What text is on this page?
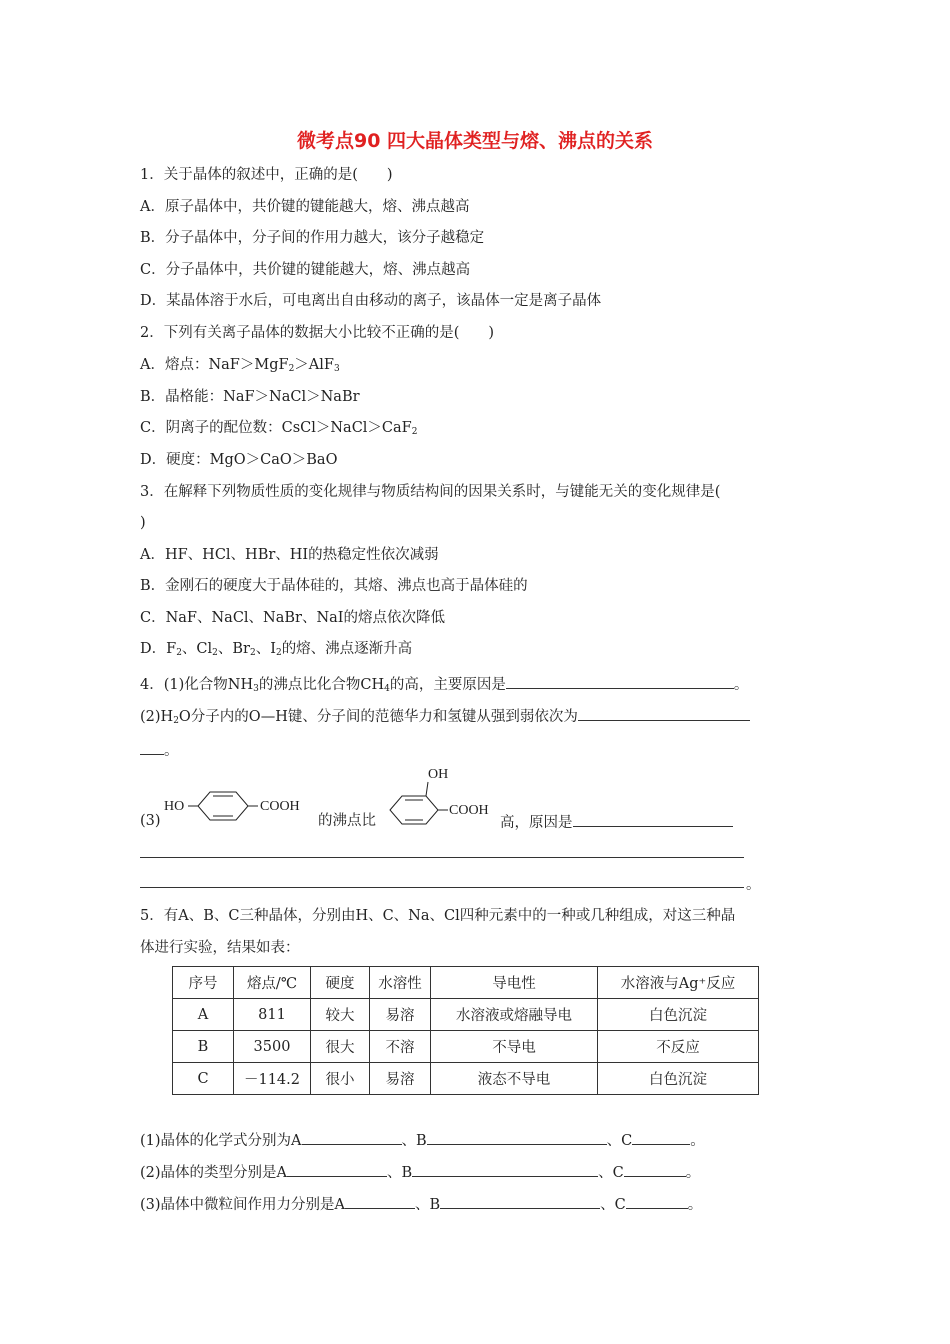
微考点90 四大晶体类型与熔、沸点的关系
1．关于晶体的叙述中，正确的是(　　)
A．原子晶体中，共价键的键能越大，熔、沸点越高
B．分子晶体中，分子间的作用力越大，该分子越稳定
C．分子晶体中，共价键的键能越大，熔、沸点越高
D．某晶体溶于水后，可电离出自由移动的离子，该晶体一定是离子晶体
2．下列有关离子晶体的数据大小比较不正确的是(　　)
A．熔点：NaF＞MgF$_2$＞AlF$_3$
B．晶格能：NaF＞NaCl＞NaBr
C．阴离子的配位数：CsCl＞NaCl＞CaF$_2$
D．硬度：MgO＞CaO＞BaO
3．在解释下列物质性质的变化规律与物质结构间的因果关系时，与键能无关的变化规律是(
)
A．HF、HCl、HBr、HI的热稳定性依次减弱
B．金刚石的硬度大于晶体硅的，其熔、沸点也高于晶体硅的
C．NaF、NaCl、NaBr、NaI的熔点依次降低
D．$F_2$、$Cl_2$、$Br_2$、$I_2$的熔、沸点逐渐升高
4．(1)化合物$NH_3$的沸点比化合物$CH_4$的高，主要原因是	。
$(2)H_2O$分子内的O—H键、分子间的范德华力和氢键从强到弱依次为
。
(3)
HO	COOH
的沸点比
OH
COOH
高，原因是
。
5．有A、B、C三种晶体，分别由H、C、Na、Cl四种元素中的一种或几种组成，对这三种晶
体进行实验，结果如表：
序号	熔点/℃	硬度	水溶性	导电性	水溶液与Ag⁺反应
A	811	较大	易溶	水溶液或熔融导电	白色沉淀
B	3500	很大	不溶	不导电	不反应
C	－114.2	很小	易溶	液态不导电	白色沉淀
(1)晶体的化学式分别为A	、B	、C	。
(2)晶体的类型分别是A	、B	、C	。
(3)晶体中微粒间作用力分别是A	、B	、C	。
